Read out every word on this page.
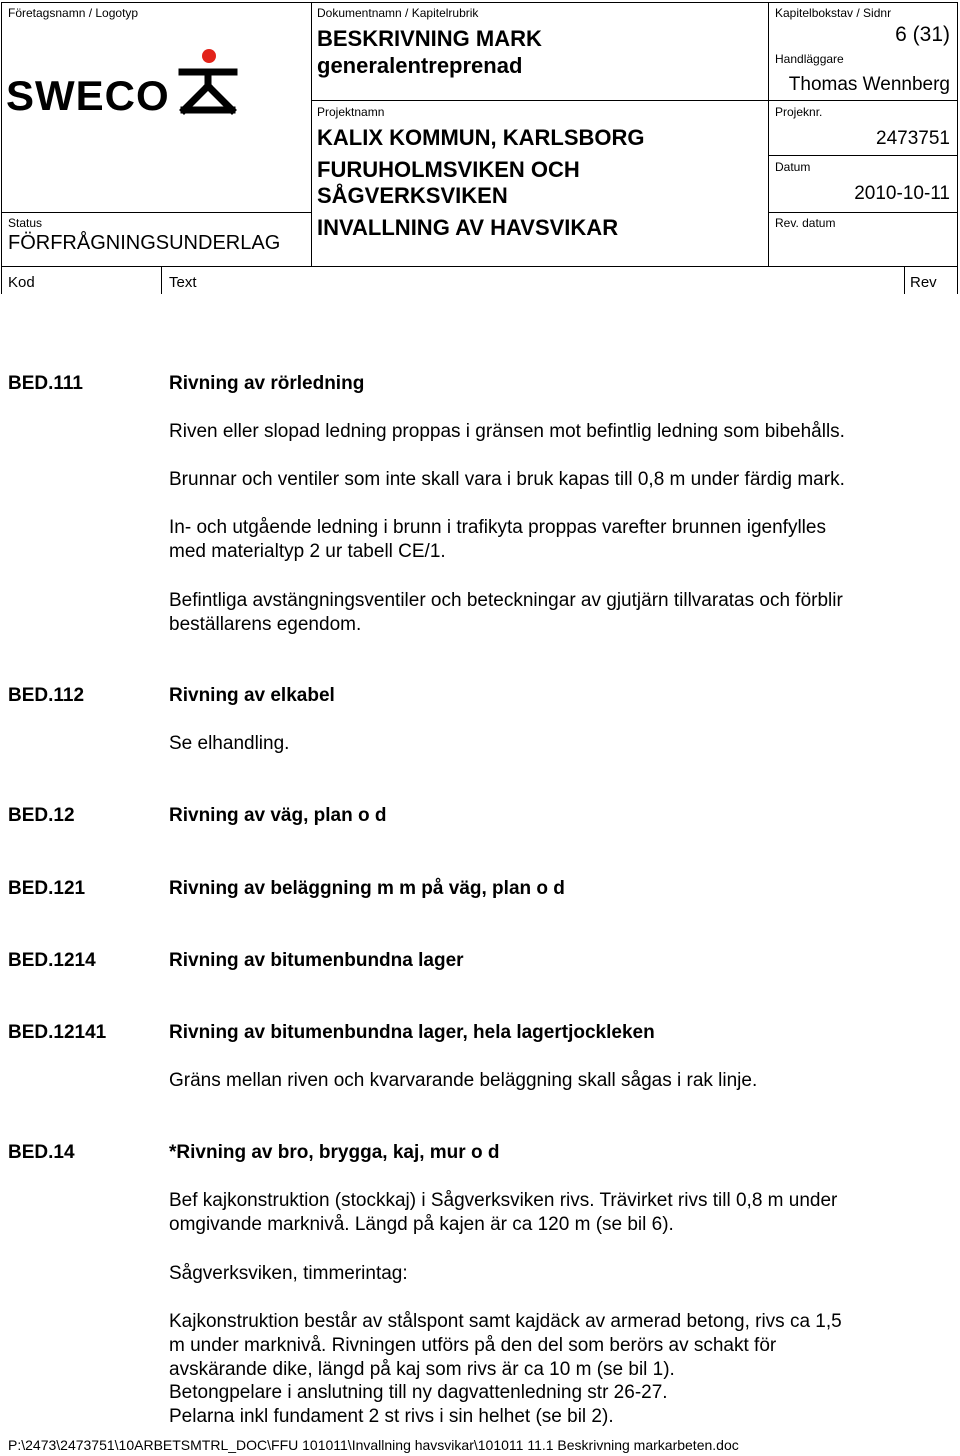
Företagsnamn / Logotyp
SWECO
Status
FÖRFRÅGNINGSUNDERLAG
Dokumentnamn / Kapitelrubrik
BESKRIVNING MARK
generalentreprenad
Projektnamn
KALIX KOMMUN, KARLSBORG
FURUHOLMSVIKEN OCH
SÅGVERKSVIKEN
INVALLNING AV HAVSVIKAR
Kapitelbokstav / Sidnr
6 (31)
Handläggare
Thomas Wennberg
Projeknr.
2473751
Datum
2010-10-11
Rev. datum
Kod	Text	Rev
BED.111	Rivning av rörledning
Riven eller slopad ledning proppas i gränsen mot befintlig ledning som bibehålls.
Brunnar och ventiler som inte skall vara i bruk kapas till 0,8 m under färdig mark.
In- och utgående ledning i brunn i trafikyta proppas varefter brunnen igenfylles
med materialtyp 2 ur tabell CE/1.
Befintliga avstängningsventiler och beteckningar av gjutjärn tillvaratas och förblir
beställarens egendom.
BED.112	Rivning av elkabel
Se elhandling.
BED.12	Rivning av väg, plan o d
BED.121	Rivning av beläggning m m på väg, plan o d
BED.1214	Rivning av bitumenbundna lager
BED.12141	Rivning av bitumenbundna lager, hela lagertjockleken
Gräns mellan riven och kvarvarande beläggning skall sågas i rak linje.
BED.14	*Rivning av bro, brygga, kaj, mur o d
Bef kajkonstruktion (stockkaj) i Sågverksviken rivs. Trävirket rivs till 0,8 m under
omgivande marknivå. Längd på kajen är ca 120 m (se bil 6).
Sågverksviken, timmerintag:
Kajkonstruktion består av stålspont samt kajdäck av armerad betong, rivs ca 1,5
m under marknivå. Rivningen utförs på den del som berörs av schakt för
avskärande dike, längd på kaj som rivs är ca 10 m (se bil 1).
Betongpelare i anslutning till ny dagvattenledning str 26-27.
Pelarna inkl fundament 2 st rivs i sin helhet (se bil 2).
P:\2473\2473751\10ARBETSMTRL_DOC\FFU 101011\Invallning havsvikar\101011 11.1 Beskrivning markarbeten.doc
